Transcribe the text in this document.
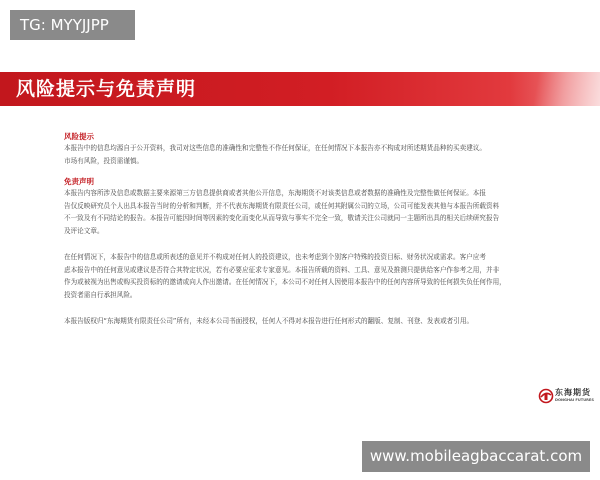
TG: MYYJJPP
风险提示与免责声明

风险提示

本报告中的信息均源自于公开资料，我司对这些信息的准确性和完整性不作任何保证，在任何情况下本报告亦不构成对所述期货品种的买卖建议。

市场有风险，投资需谨慎。

免责声明

本报告内容所涉及信息或数据主要来源第三方信息提供商或者其他公开信息，东海期货不对该类信息或者数据的准确性及完整性做任何保证。本报

告仅反映研究员个人出具本报告当时的分析和判断，并不代表东海期货有限责任公司，或任何其附属公司的立场，公司可能发表其他与本报告所载资料

不一致及有不同结论的报告。本报告可能因时间等因素的变化而变化从而导致与事实不完全一致，敬请关注公司就同一主题所出具的相关后续研究报告

及评论文章。

在任何情况下，本报告中的信息或所表述的意见并不构成对任何人的投资建议，也未考虑到个别客户特殊的投资目标、财务状况或需求。客户应考

虑本报告中的任何意见或建议是否符合其特定状况，若有必要应征求专家意见。本报告所载的资料、工具、意见及推测只提供给客户作参考之用，并非

作为或被视为出售或购买投资标的的邀请或向人作出邀请。在任何情况下，本公司不对任何人因使用本报告中的任何内容所导致的任何损失负任何作用，

投资者需自行承担风险。

本报告版权归“东海期货有限责任公司”所有，未经本公司书面授权，任何人不得对本报告进行任何形式的翻版、复制、刊登、发表或者引用。

东海期货
DONGHAI FUTURES
www.mobileagbaccarat.com
